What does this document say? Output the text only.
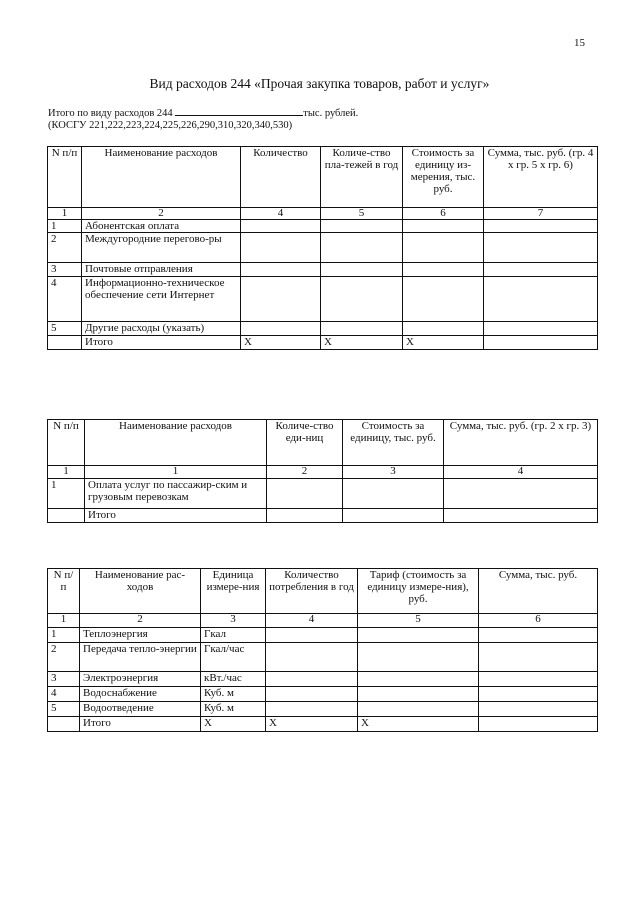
15
Вид расходов 244 «Прочая закупка товаров, работ и услуг»
Итого по виду расходов 244	тыс. рублей.
(КОСГУ 221,222,223,224,225,226,290,310,320,340,530)
N п/п	Наименование расходов	Количество	Количе-ство пла-тежей в год	Стоимость за единицу из-мерения, тыс. руб.	Сумма, тыс. руб. (гр. 4 х гр. 5 х гр. 6)
1	2	4	5	6	7
1	Абонентская оплата				
2	Междугородние перегово-ры				
3	Почтовые отправления				
4	Информационно-техническое обеспечение сети Интернет				
5	Другие расходы (указать)				
	Итого	X	X	X	
N п/п	Наименование расходов	Количе-ство еди-ниц	Стоимость за единицу, тыс. руб.	Сумма, тыс. руб. (гр. 2 х гр. 3)
1	1	2	3	4
1	Оплата услуг по пассажир-ским и грузовым перевозкам			
	Итого			
N п/п	Наименование рас-ходов	Единица измере-ния	Количество потребления в год	Тариф (стоимость за единицу измере-ния), руб.	Сумма, тыс. руб.
1	2	3	4	5	6
1	Теплоэнергия	Гкал			
2	Передача тепло-энергии	Гкал/час			
3	Электроэнергия	кВт./час			
4	Водоснабжение	Куб. м			
5	Водоотведение	Куб. м			
	Итого	X	X	X	
